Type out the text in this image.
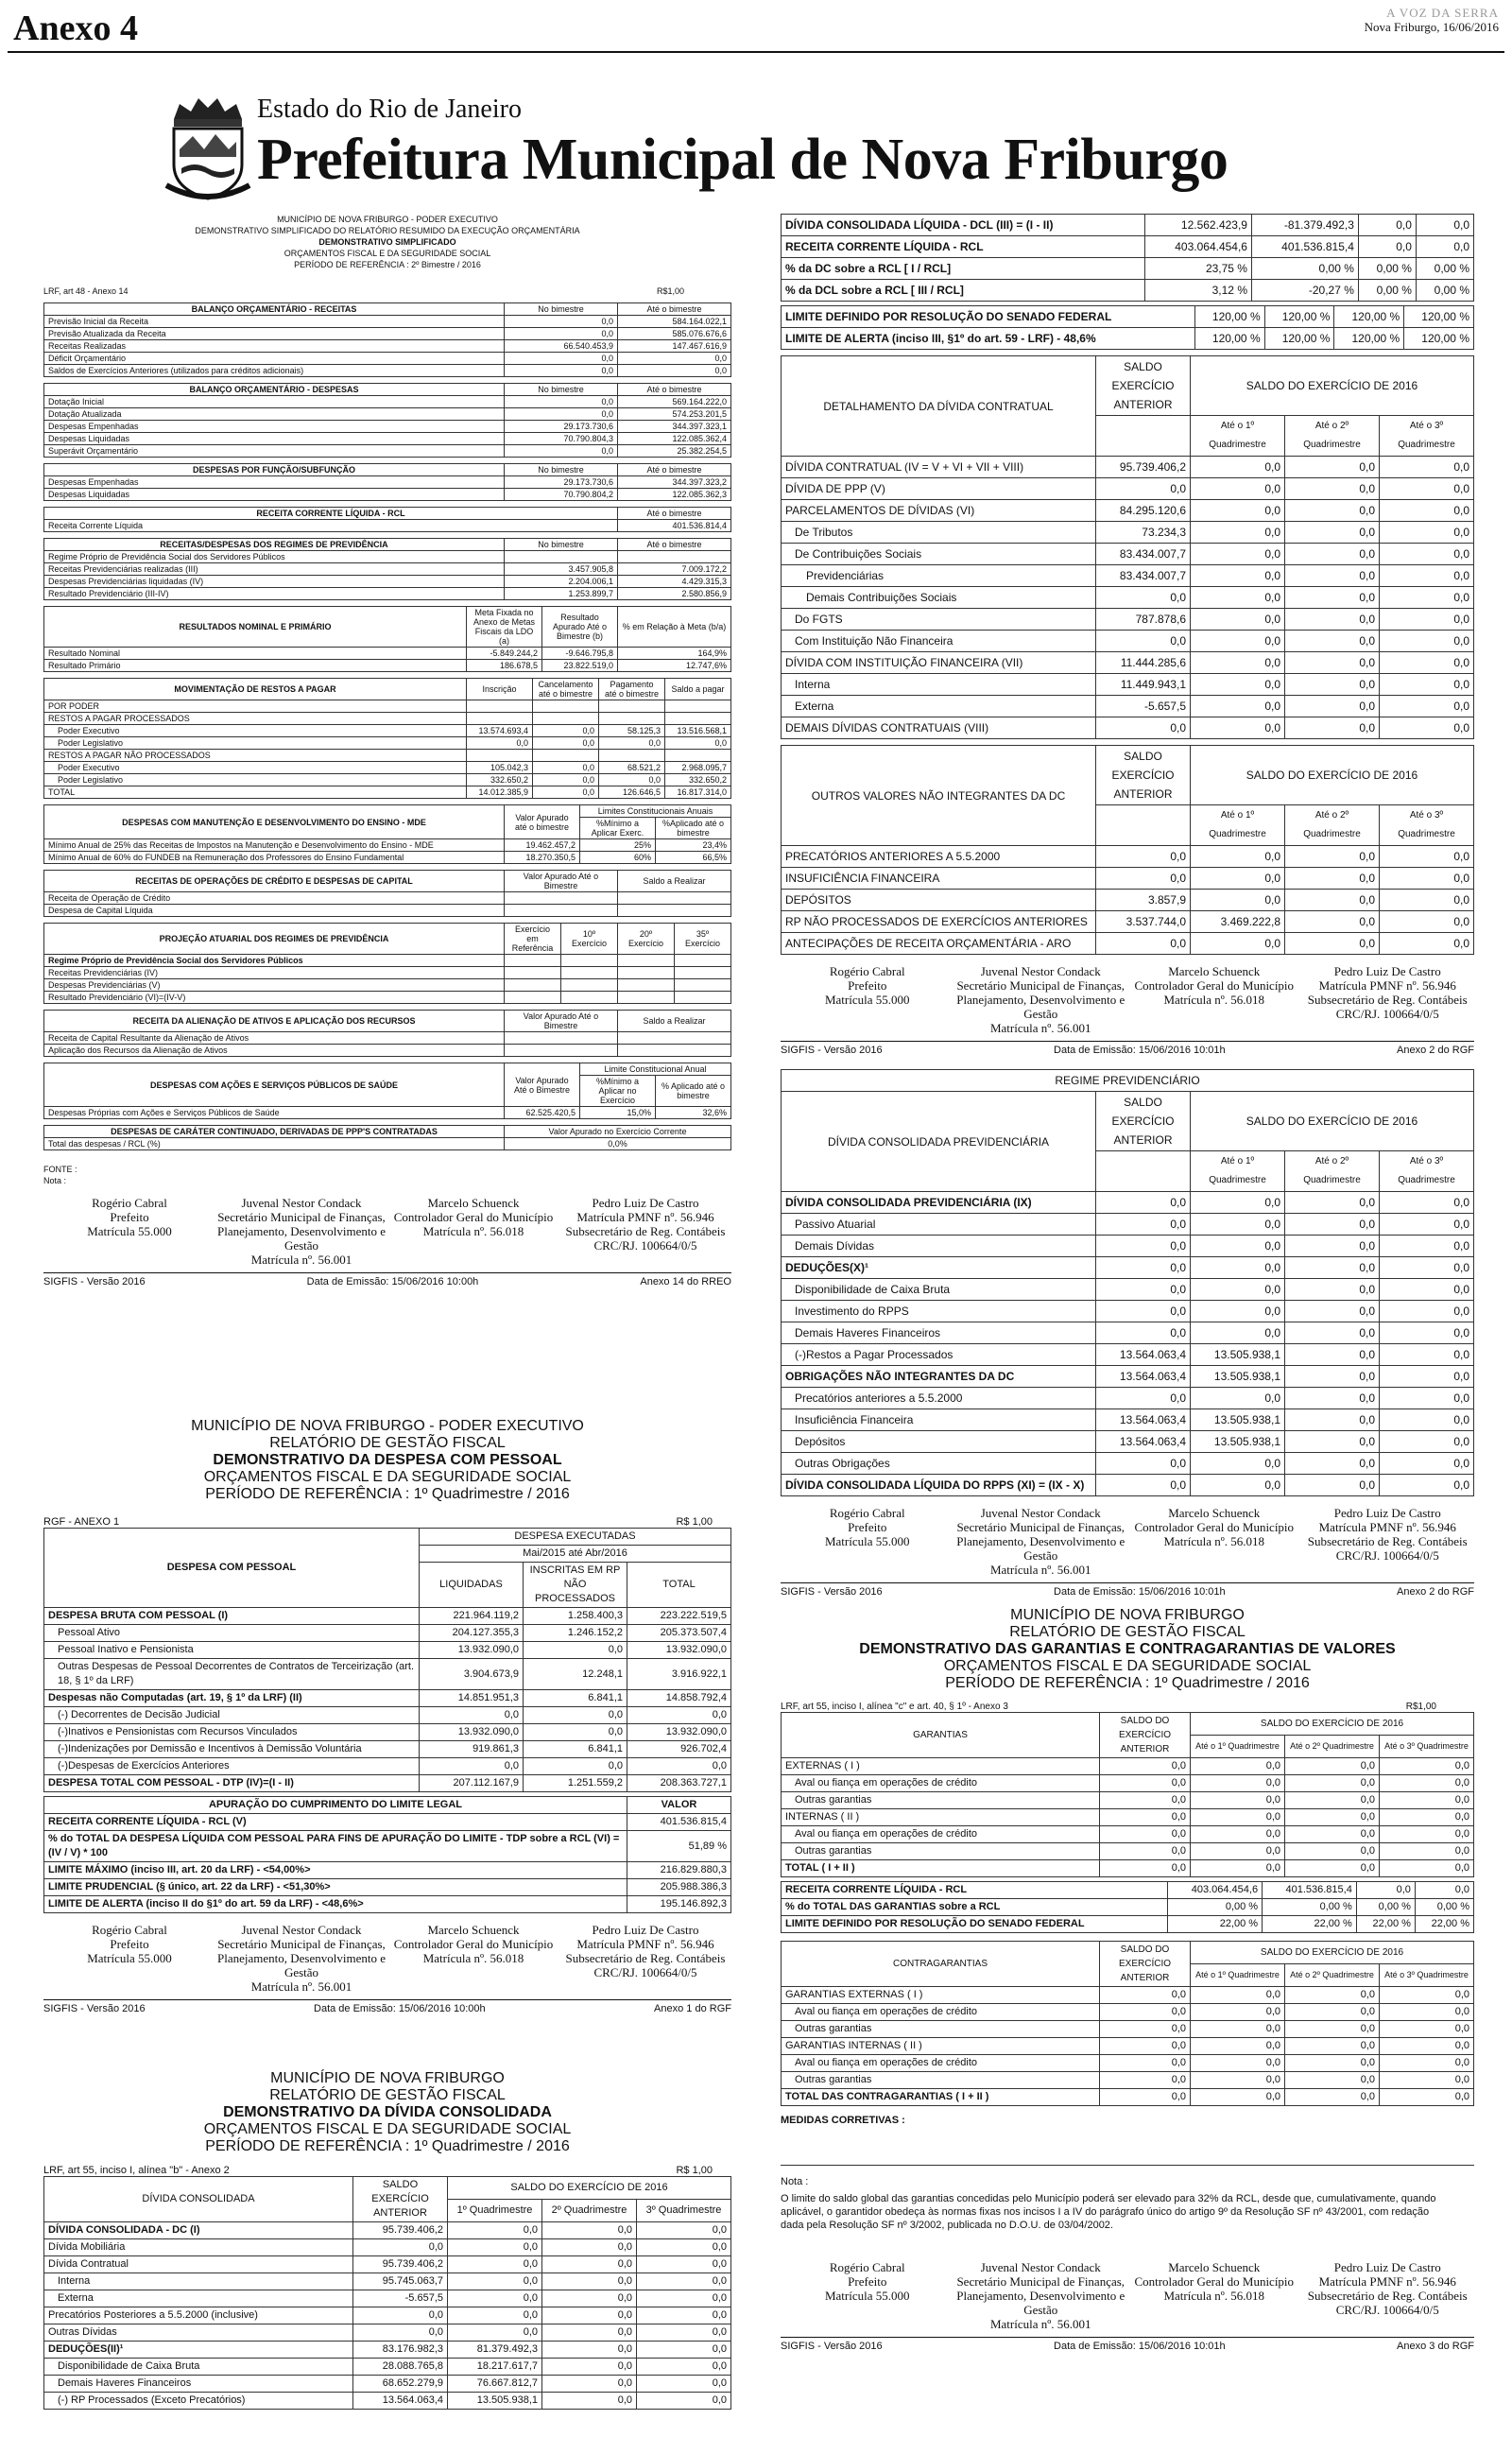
Anexo 4	A VOZ DA SERRA
Nova Friburgo, 16/06/2016
Estado do Rio de Janeiro
Prefeitura Municipal de Nova Friburgo
MUNICÍPIO DE NOVA FRIBURGO - PODER EXECUTIVO
DEMONSTRATIVO SIMPLIFICADO DO RELATÓRIO RESUMIDO DA EXECUÇÃO ORÇAMENTÁRIA
DEMONSTRATIVO SIMPLIFICADO
ORÇAMENTOS FISCAL E DA SEGURIDADE SOCIAL
PERÍODO DE REFERÊNCIA : 2º Bimestre / 2016
LRF, art 48 - Anexo 14	R$1,00
BALANÇO ORÇAMENTÁRIO - RECEITAS	No bimestre	Até o bimestre
Previsão Inicial da Receita	0,0	584.164.022,1
Previsão Atualizada da Receita	0,0	585.076.676,6
Receitas Realizadas	66.540.453,9	147.467.616,9
Déficit Orçamentário	0,0	0,0
Saldos de Exercícios Anteriores (utilizados para créditos adicionais)	0,0	0,0
BALANÇO ORÇAMENTÁRIO - DESPESAS	No bimestre	Até o bimestre
Dotação Inicial	0,0	569.164.222,0
Dotação Atualizada	0,0	574.253.201,5
Despesas Empenhadas	29.173.730,6	344.397.323,1
Despesas Liquidadas	70.790.804,3	122.085.362,4
Superávit Orçamentário	0,0	25.382.254,5
DESPESAS POR FUNÇÃO/SUBFUNÇÃO	No bimestre	Até o bimestre
Despesas Empenhadas	29.173.730,6	344.397.323,2
Despesas Liquidadas	70.790.804,2	122.085.362,3
RECEITA CORRENTE LÍQUIDA - RCL	Até o bimestre
Receita Corrente Líquida	401.536.814,4
RECEITAS/DESPESAS DOS REGIMES DE PREVIDÊNCIA	No bimestre	Até o bimestre
Regime Próprio de Previdência Social dos Servidores Públicos		
Receitas Previdenciárias realizadas (III)	3.457.905,8	7.009.172,2
Despesas Previdenciárias liquidadas (IV)	2.204.006,1	4.429.315,3
Resultado Previdenciário (III-IV)	1.253.899,7	2.580.856,9
RESULTADOS NOMINAL E PRIMÁRIO	Meta Fixada no Anexo de Metas Fiscais da LDO (a)	Resultado Apurado Até o Bimestre (b)	% em Relação à Meta (b/a)
Resultado Nominal	-5.849.244,2	-9.646.795,8	164,9%
Resultado Primário	186.678,5	23.822.519,0	12.747,6%
MOVIMENTAÇÃO DE RESTOS A PAGAR	Inscrição	Cancelamento até o bimestre	Pagamento até o bimestre	Saldo a pagar
POR PODER				
RESTOS A PAGAR PROCESSADOS				
Poder Executivo	13.574.693,4	0,0	58.125,3	13.516.568,1
Poder Legislativo	0,0	0,0	0,0	0,0
RESTOS A PAGAR NÃO PROCESSADOS				
Poder Executivo	105.042,3	0,0	68.521,2	2.968.095,7
Poder Legislativo	332.650,2	0,0	0,0	332.650,2
TOTAL	14.012.385,9	0,0	126.646,5	16.817.314,0
DESPESAS COM MANUTENÇÃO E DESENVOLVIMENTO DO ENSINO - MDE	Valor Apurado até o bimestre	Limites Constitucionais Anuais	
		%Mínimo a Aplicar Exerc.	%Aplicado até o bimestre
Mínimo Anual de 25% das Receitas de Impostos na Manutenção e Desenvolvimento do Ensino - MDE	19.462.457,2	25%	23,4%
Mínimo Anual de 60% do FUNDEB na Remuneração dos Professores do Ensino Fundamental	18.270.350,5	60%	66,5%
RECEITAS DE OPERAÇÕES DE CRÉDITO E DESPESAS DE CAPITAL	Valor Apurado Até o Bimestre	Saldo a Realizar
Receita de Operação de Crédito		
Despesa de Capital Líquida		
PROJEÇÃO ATUARIAL DOS REGIMES DE PREVIDÊNCIA	Exercício em Referência	10º Exercício	20º Exercício	35º Exercício
Regime Próprio de Previdência Social dos Servidores Públicos				
Receitas Previdenciárias (IV)				
Despesas Previdenciárias (V)				
Resultado Previdenciário (VI)=(IV-V)				
RECEITA DA ALIENAÇÃO DE ATIVOS E APLICAÇÃO DOS RECURSOS	Valor Apurado Até o Bimestre	Saldo a Realizar
Receita de Capital Resultante da Alienação de Ativos		
Aplicação dos Recursos da Alienação de Ativos		
DESPESAS COM AÇÕES E SERVIÇOS PÚBLICOS DE SAÚDE	Valor Apurado Até o Bimestre	Limite Constitucional Anual	
		%Mínimo a Aplicar no Exercício	% Aplicado até o bimestre
Despesas Próprias com Ações e Serviços Públicos de Saúde	62.525.420,5	15,0%	32,6%
DESPESAS DE CARÁTER CONTINUADO, DERIVADAS DE PPP'S CONTRATADAS	Valor Apurado no Exercício Corrente
Total das despesas / RCL (%)	0,0%
FONTE :
Nota :
Rogério Cabral
Prefeito
Matrícula 55.000
Juvenal Nestor Condack
Secretário Municipal de Finanças,
Planejamento, Desenvolvimento e Gestão
Matrícula nº. 56.001
Marcelo Schuenck
Controlador Geral do Município
Matrícula nº. 56.018
Pedro Luiz De Castro
Matrícula PMNF nº. 56.946
Subsecretário de Reg. Contábeis
CRC/RJ. 100664/0/5
SIGFIS - Versão 2016	Data de Emissão: 15/06/2016 10:00h	Anexo 14 do RREO
MUNICÍPIO DE NOVA FRIBURGO - PODER EXECUTIVO
RELATÓRIO DE GESTÃO FISCAL
DEMONSTRATIVO DA DESPESA COM PESSOAL
ORÇAMENTOS FISCAL E DA SEGURIDADE SOCIAL
PERÍODO DE REFERÊNCIA : 1º Quadrimestre / 2016
RGF - ANEXO 1	R$ 1,00
DESPESA COM PESSOAL	DESPESA EXECUTADAS		
	Mai/2015 até Abr/2016		
	LIQUIDADAS	INSCRITAS EM RP NÃO PROCESSADOS	TOTAL
DESPESA BRUTA COM PESSOAL (I)	221.964.119,2	1.258.400,3	223.222.519,5
Pessoal Ativo	204.127.355,3	1.246.152,2	205.373.507,4
Pessoal Inativo e Pensionista	13.932.090,0	0,0	13.932.090,0
Outras Despesas de Pessoal Decorrentes de Contratos de Terceirização (art. 18, § 1º da LRF)	3.904.673,9	12.248,1	3.916.922,1
Despesas não Computadas (art. 19, § 1º da LRF) (II)	14.851.951,3	6.841,1	14.858.792,4
(-) Decorrentes de Decisão Judicial	0,0	0,0	0,0
(-)Inativos e Pensionistas com Recursos Vinculados	13.932.090,0	0,0	13.932.090,0
(-)Indenizações por Demissão e Incentivos à Demissão Voluntária	919.861,3	6.841,1	926.702,4
(-)Despesas de Exercícios Anteriores	0,0	0,0	0,0
DESPESA TOTAL COM PESSOAL - DTP (IV)=(I - II)	207.112.167,9	1.251.559,2	208.363.727,1
APURAÇÃO DO CUMPRIMENTO DO LIMITE LEGAL	VALOR
RECEITA CORRENTE LÍQUIDA - RCL (V)	401.536.815,4
% do TOTAL DA DESPESA LÍQUIDA COM PESSOAL PARA FINS DE APURAÇÃO DO LIMITE - TDP sobre a RCL (VI) = (IV / V) * 100	51,89 %
LIMITE MÁXIMO (inciso III, art. 20 da LRF) - <54,00%>	216.829.880,3
LIMITE PRUDENCIAL (§ único, art. 22 da LRF) - <51,30%>	205.988.386,3
LIMITE DE ALERTA (inciso II do §1º do art. 59 da LRF) - <48,6%>	195.146.892,3
Rogério Cabral
Prefeito
Matrícula 55.000
Juvenal Nestor Condack
Secretário Municipal de Finanças,
Planejamento, Desenvolvimento e Gestão
Matrícula nº. 56.001
Marcelo Schuenck
Controlador Geral do Município
Matrícula nº. 56.018
Pedro Luiz De Castro
Matrícula PMNF nº. 56.946
Subsecretário de Reg. Contábeis
CRC/RJ. 100664/0/5
SIGFIS - Versão 2016	Data de Emissão: 15/06/2016 10:00h	Anexo 1 do RGF
MUNICÍPIO DE NOVA FRIBURGO
RELATÓRIO DE GESTÃO FISCAL
DEMONSTRATIVO DA DÍVIDA CONSOLIDADA
ORÇAMENTOS FISCAL E DA SEGURIDADE SOCIAL
PERÍODO DE REFERÊNCIA : 1º Quadrimestre / 2016
LRF, art 55, inciso I, alínea "b" - Anexo 2	R$ 1,00
DÍVIDA CONSOLIDADA	SALDO EXERCÍCIO ANTERIOR	SALDO DO EXERCÍCIO DE 2016		
		1º Quadrimestre	2º Quadrimestre	3º Quadrimestre
DÍVIDA CONSOLIDADA - DC (I)	95.739.406,2	0,0	0,0	0,0
Dívida Mobiliária	0,0	0,0	0,0	0,0
Dívida Contratual	95.739.406,2	0,0	0,0	0,0
Interna	95.745.063,7	0,0	0,0	0,0
Externa	-5.657,5	0,0	0,0	0,0
Precatórios Posteriores a 5.5.2000 (inclusive)	0,0	0,0	0,0	0,0
Outras Dívidas	0,0	0,0	0,0	0,0
DEDUÇÕES(II)¹	83.176.982,3	81.379.492,3	0,0	0,0
Disponibilidade de Caixa Bruta	28.088.765,8	18.217.617,7	0,0	0,0
Demais Haveres Financeiros	68.652.279,9	76.667.812,7	0,0	0,0
(-) RP Processados (Exceto Precatórios)	13.564.063,4	13.505.938,1	0,0	0,0
DÍVIDA CONSOLIDADA LÍQUIDA - DCL (III) = (I - II)	12.562.423,9	-81.379.492,3	0,0	0,0
RECEITA CORRENTE LÍQUIDA - RCL	403.064.454,6	401.536.815,4	0,0	0,0
% da DC sobre a RCL [ I / RCL]	23,75 %	0,00 %	0,00 %	0,00 %
% da DCL sobre a RCL [ III / RCL]	3,12 %	-20,27 %	0,00 %	0,00 %
LIMITE DEFINIDO POR RESOLUÇÃO DO SENADO FEDERAL	120,00 %	120,00 %	120,00 %	120,00 %
LIMITE DE ALERTA (inciso III, §1º do art. 59 - LRF) - 48,6%	120,00 %	120,00 %	120,00 %	120,00 %
DETALHAMENTO DA DÍVIDA CONTRATUAL	SALDO EXERCÍCIO
ANTERIOR	SALDO DO EXERCÍCIO DE 2016		
		Até o 1º Quadrimestre	Até o 2º Quadrimestre	Até o 3º Quadrimestre
DÍVIDA CONTRATUAL (IV = V + VI + VII + VIII)	95.739.406,2	0,0	0,0	0,0
DÍVIDA DE PPP (V)	0,0	0,0	0,0	0,0
PARCELAMENTOS DE DÍVIDAS (VI)	84.295.120,6	0,0	0,0	0,0
De Tributos	73.234,3	0,0	0,0	0,0
De Contribuições Sociais	83.434.007,7	0,0	0,0	0,0
Previdenciárias	83.434.007,7	0,0	0,0	0,0
Demais Contribuições Sociais	0,0	0,0	0,0	0,0
Do FGTS	787.878,6	0,0	0,0	0,0
Com Instituição Não Financeira	0,0	0,0	0,0	0,0
DÍVIDA COM INSTITUIÇÃO FINANCEIRA (VII)	11.444.285,6	0,0	0,0	0,0
Interna	11.449.943,1	0,0	0,0	0,0
Externa	-5.657,5	0,0	0,0	0,0
DEMAIS DÍVIDAS CONTRATUAIS (VIII)	0,0	0,0	0,0	0,0
OUTROS VALORES NÃO INTEGRANTES DA DC	SALDO EXERCÍCIO
ANTERIOR	SALDO DO EXERCÍCIO DE 2016		
		Até o 1º Quadrimestre	Até o 2º Quadrimestre	Até o 3º Quadrimestre
PRECATÓRIOS ANTERIORES A 5.5.2000	0,0	0,0	0,0	0,0
INSUFICIÊNCIA FINANCEIRA	0,0	0,0	0,0	0,0
DEPÓSITOS	3.857,9	0,0	0,0	0,0
RP NÃO PROCESSADOS DE EXERCÍCIOS ANTERIORES	3.537.744,0	3.469.222,8	0,0	0,0
ANTECIPAÇÕES DE RECEITA ORÇAMENTÁRIA - ARO	0,0	0,0	0,0	0,0
Rogério Cabral
Prefeito
Matrícula 55.000
Juvenal Nestor Condack
Secretário Municipal de Finanças,
Planejamento, Desenvolvimento e Gestão
Matrícula nº. 56.001
Marcelo Schuenck
Controlador Geral do Município
Matrícula nº. 56.018
Pedro Luiz De Castro
Matrícula PMNF nº. 56.946
Subsecretário de Reg. Contábeis
CRC/RJ. 100664/0/5
SIGFIS - Versão 2016	Data de Emissão: 15/06/2016 10:01h	Anexo 2 do RGF
REGIME PREVIDENCIÁRIO				
DÍVIDA CONSOLIDADA PREVIDENCIÁRIA	SALDO EXERCÍCIO
ANTERIOR	SALDO DO EXERCÍCIO DE 2016		
		Até o 1º Quadrimestre	Até o 2º Quadrimestre	Até o 3º Quadrimestre
DÍVIDA CONSOLIDADA PREVIDENCIÁRIA (IX)	0,0	0,0	0,0	0,0
Passivo Atuarial	0,0	0,0	0,0	0,0
Demais Dívidas	0,0	0,0	0,0	0,0
DEDUÇÕES(X)¹	0,0	0,0	0,0	0,0
Disponibilidade de Caixa Bruta	0,0	0,0	0,0	0,0
Investimento do RPPS	0,0	0,0	0,0	0,0
Demais Haveres Financeiros	0,0	0,0	0,0	0,0
(-)Restos a Pagar Processados	13.564.063,4	13.505.938,1	0,0	0,0
OBRIGAÇÕES NÃO INTEGRANTES DA DC	13.564.063,4	13.505.938,1	0,0	0,0
Precatórios anteriores a 5.5.2000	0,0	0,0	0,0	0,0
Insuficiência Financeira	13.564.063,4	13.505.938,1	0,0	0,0
Depósitos	13.564.063,4	13.505.938,1	0,0	0,0
Outras Obrigações	0,0	0,0	0,0	0,0
DÍVIDA CONSOLIDADA LÍQUIDA DO RPPS (XI) = (IX - X)	0,0	0,0	0,0	0,0
Rogério Cabral
Prefeito
Matrícula 55.000
Juvenal Nestor Condack
Secretário Municipal de Finanças,
Planejamento, Desenvolvimento e Gestão
Matrícula nº. 56.001
Marcelo Schuenck
Controlador Geral do Município
Matrícula nº. 56.018
Pedro Luiz De Castro
Matrícula PMNF nº. 56.946
Subsecretário de Reg. Contábeis
CRC/RJ. 100664/0/5
SIGFIS - Versão 2016	Data de Emissão: 15/06/2016 10:01h	Anexo 2 do RGF
MUNICÍPIO DE NOVA FRIBURGO
RELATÓRIO DE GESTÃO FISCAL
DEMONSTRATIVO DAS GARANTIAS E CONTRAGARANTIAS DE VALORES
ORÇAMENTOS FISCAL E DA SEGURIDADE SOCIAL
PERÍODO DE REFERÊNCIA : 1º Quadrimestre / 2016
LRF, art 55, inciso I, alínea "c" e art. 40, § 1º - Anexo 3	R$1,00
GARANTIAS	SALDO DO EXERCÍCIO ANTERIOR	SALDO DO EXERCÍCIO DE 2016		
		Até o 1º Quadrimestre	Até o 2º Quadrimestre	Até o 3º Quadrimestre
EXTERNAS ( I )	0,0	0,0	0,0	0,0
Aval ou fiança em operações de crédito	0,0	0,0	0,0	0,0
Outras garantias	0,0	0,0	0,0	0,0
INTERNAS ( II )	0,0	0,0	0,0	0,0
Aval ou fiança em operações de crédito	0,0	0,0	0,0	0,0
Outras garantias	0,0	0,0	0,0	0,0
TOTAL ( I + II )	0,0	0,0	0,0	0,0
RECEITA CORRENTE LÍQUIDA - RCL	403.064.454,6	401.536.815,4	0,0	0,0
% do TOTAL DAS GARANTIAS sobre a RCL	0,00 %	0,00 %	0,00 %	0,00 %
LIMITE DEFINIDO POR RESOLUÇÃO DO SENADO FEDERAL	22,00 %	22,00 %	22,00 %	22,00 %
CONTRAGARANTIAS	SALDO DO EXERCÍCIO ANTERIOR	SALDO DO EXERCÍCIO DE 2016		
		Até o 1º Quadrimestre	Até o 2º Quadrimestre	Até o 3º Quadrimestre
GARANTIAS EXTERNAS ( I )	0,0	0,0	0,0	0,0
Aval ou fiança em operações de crédito	0,0	0,0	0,0	0,0
Outras garantias	0,0	0,0	0,0	0,0
GARANTIAS INTERNAS ( II )	0,0	0,0	0,0	0,0
Aval ou fiança em operações de crédito	0,0	0,0	0,0	0,0
Outras garantias	0,0	0,0	0,0	0,0
TOTAL DAS CONTRAGARANTIAS ( I + II )	0,0	0,0	0,0	0,0
MEDIDAS CORRETIVAS :
Nota :
O limite do saldo global das garantias concedidas pelo Município poderá ser elevado para 32% da RCL, desde que, cumulativamente, quando aplicável, o garantidor obedeça às normas fixas nos incisos I a IV do parágrafo único do artigo 9º da Resolução SF nº 43/2001, com redação dada pela Resolução SF nº 3/2002, publicada no D.O.U. de 03/04/2002.
Rogério Cabral
Prefeito
Matrícula 55.000
Juvenal Nestor Condack
Secretário Municipal de Finanças,
Planejamento, Desenvolvimento e Gestão
Matrícula nº. 56.001
Marcelo Schuenck
Controlador Geral do Município
Matrícula nº. 56.018
Pedro Luiz De Castro
Matrícula PMNF nº. 56.946
Subsecretário de Reg. Contábeis
CRC/RJ. 100664/0/5
SIGFIS - Versão 2016	Data de Emissão: 15/06/2016 10:01h	Anexo 3 do RGF
